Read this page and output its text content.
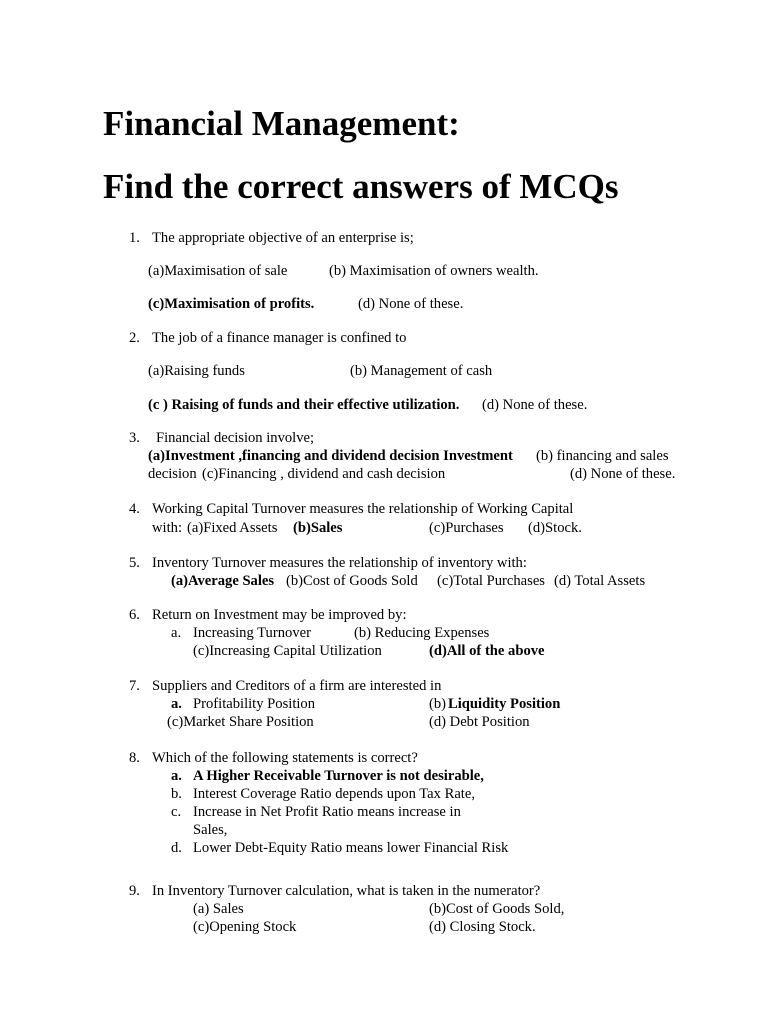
Financial Management:
Find the correct answers of MCQs
1. The appropriate objective of an enterprise is;
(a)Maximisation of sale	(b) Maximisation of owners wealth.
(c)Maximisation of profits.	(d) None of these.
2. The job of a finance manager is confined to
(a)Raising funds	(b) Management of cash
(c ) Raising of funds and their effective utilization. (d) None of these.
3. Financial decision involve;
(a)Investment ,financing and dividend decision Investment (b) financing and sales
decision (c)Financing , dividend and cash decision	(d) None of these.
4. Working Capital Turnover measures the relationship of Working Capital
with: (a)Fixed Assets (b)Sales	(c)Purchases (d)Stock.
5. Inventory Turnover measures the relationship of inventory with:
(a)Average Sales (b)Cost of Goods Sold (c)Total Purchases (d) Total Assets
6. Return on Investment may be improved by:
a. Increasing Turnover	(b) Reducing Expenses
(c)Increasing Capital Utilization	(d)All of the above
7. Suppliers and Creditors of a firm are interested in
a. Profitability Position	(b) Liquidity Position
(c)Market Share Position	(d) Debt Position
8. Which of the following statements is correct?
a. A Higher Receivable Turnover is not desirable,
b. Interest Coverage Ratio depends upon Tax Rate,
c. Increase in Net Profit Ratio means increase in
Sales,
d. Lower Debt-Equity Ratio means lower Financial Risk
9. In Inventory Turnover calculation, what is taken in the numerator?
(a) Sales	(b)Cost of Goods Sold,
(c)Opening Stock	(d) Closing Stock.
